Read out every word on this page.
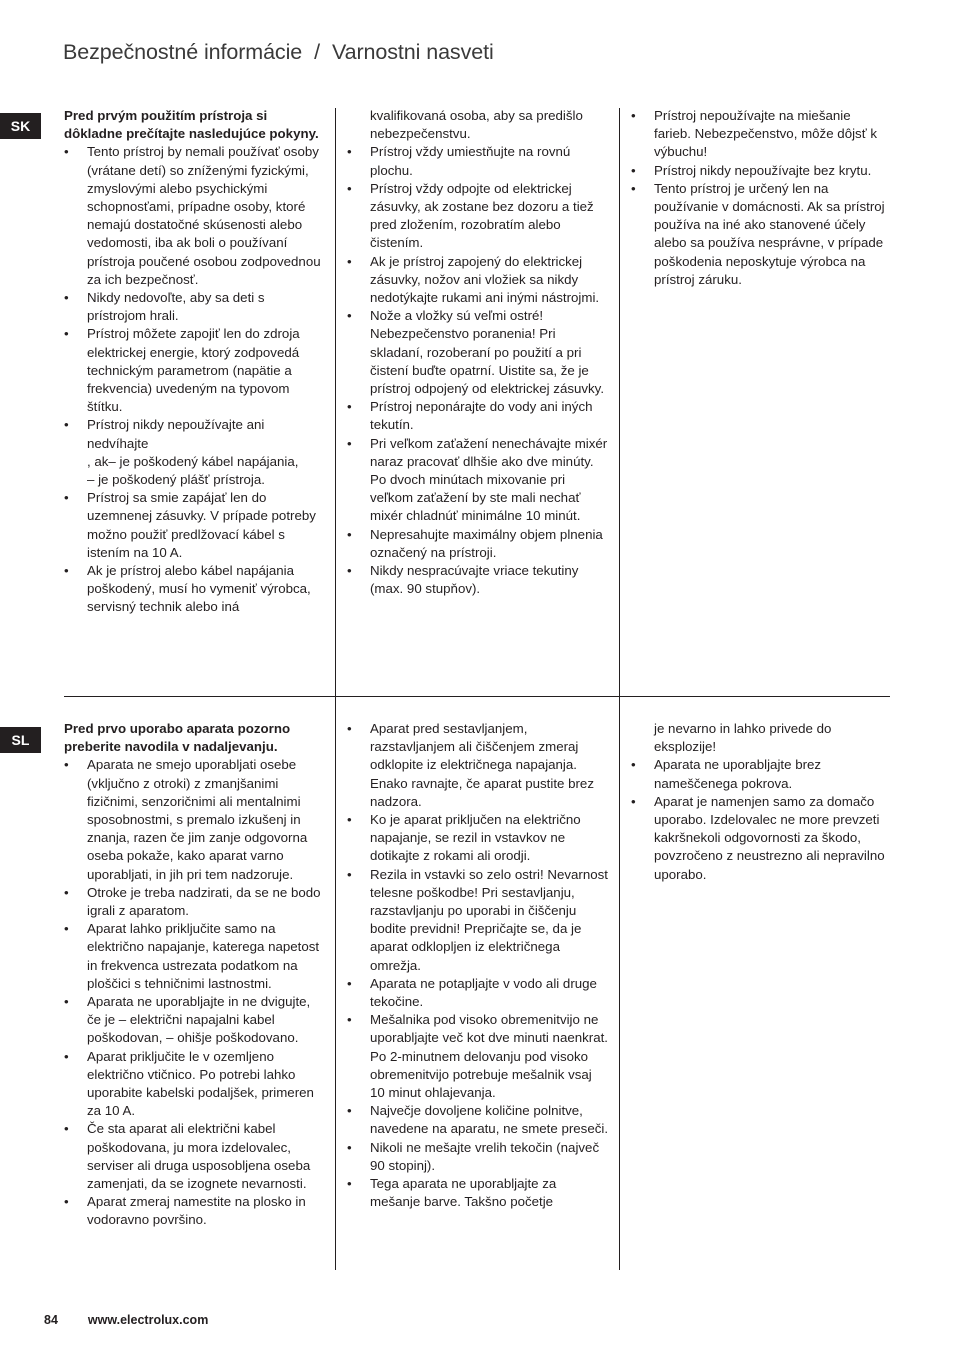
Bezpečnostné informácie / Varnostni nasveti
SK
SL

Pred prvým použitím prístroja si dôkladne prečítajte nasledujúce pokyny.

• Tento prístroj by nemali používať osoby (vrátane detí) so zníženými fyzickými, zmyslovými alebo psychickými schopnosťami, prípadne osoby, ktoré nemajú dostatočné skúsenosti alebo vedomosti, iba ak boli o používaní prístroja poučené osobou zodpovednou za ich bezpečnosť.
• Nikdy nedovoľte, aby sa deti s prístrojom hrali.
• Prístroj môžete zapojiť len do zdroja elektrickej energie, ktorý zodpovedá technickým parametrom (napätie a frekvencia) uvedeným na typovom štítku.
• Prístroj nikdy nepoužívajte ani nedvíhajte
, ak– je poškodený kábel napájania,
– je poškodený plášť prístroja.
• Prístroj sa smie zapájať len do uzemnenej zásuvky. V prípade potreby možno použiť predlžovací kábel s istením na 10 A.
• Ak je prístroj alebo kábel napájania poškodený, musí ho vymeniť výrobca, servisný technik alebo iná
kvalifikovaná osoba, aby sa predišlo nebezpečenstvu.
• Prístroj vždy umiestňujte na rovnú plochu.
• Prístroj vždy odpojte od elektrickej zásuvky, ak zostane bez dozoru a tiež pred zložením, rozobratím alebo čistením.
• Ak je prístroj zapojený do elektrickej zásuvky, nožov ani vložiek sa nikdy nedotýkajte rukami ani inými nástrojmi.
• Nože a vložky sú veľmi ostré! Nebezpečenstvo poranenia! Pri skladaní, rozoberaní po použití a pri čistení buďte opatrní. Uistite sa, že je prístroj odpojený od elektrickej zásuvky.
• Prístroj neponárajte do vody ani iných tekutín.
• Pri veľkom zaťažení nenechávajte mixér naraz pracovať dlhšie ako dve minúty. Po dvoch minútach mixovanie pri veľkom zaťažení by ste mali nechať mixér chladnúť minimálne 10 minút.
• Nepresahujte maximálny objem plnenia označený na prístroji.
• Nikdy nespracúvajte vriace tekutiny (max. 90 stupňov).
• Prístroj nepoužívajte na miešanie farieb. Nebezpečenstvo, môže dôjsť k výbuchu!
• Prístroj nikdy nepoužívajte bez krytu.
• Tento prístroj je určený len na používanie v domácnosti. Ak sa prístroj používa na iné ako stanovené účely alebo sa používa nesprávne, v prípade poškodenia neposkytuje výrobca na prístroj záruku.

Pred prvo uporabo aparata pozorno preberite navodila v nadaljevanju.

• Aparata ne smejo uporabljati osebe (vključno z otroki) z zmanjšanimi fizičnimi, senzoričnimi ali mentalnimi sposobnostmi, s premalo izkušenj in znanja, razen če jim zanje odgovorna oseba pokaže, kako aparat varno uporabljati, in jih pri tem nadzoruje.
• Otroke je treba nadzirati, da se ne bodo igrali z aparatom.
• Aparat lahko priključite samo na električno napajanje, katerega napetost in frekvenca ustrezata podatkom na ploščici s tehničnimi lastnostmi.
• Aparata ne uporabljajte in ne dvigujte, če je – električni napajalni kabel poškodovan, – ohišje poškodovano.
• Aparat priključite le v ozemljeno električno vtičnico. Po potrebi lahko uporabite kabelski podaljšek, primeren za 10 A.
• Če sta aparat ali električni kabel poškodovana, ju mora izdelovalec, serviser ali druga usposobljena oseba zamenjati, da se izognete nevarnosti.
• Aparat zmeraj namestite na plosko in vodoravno površino.
• Aparat pred sestavljanjem, razstavljanjem ali čiščenjem zmeraj odklopite iz električnega napajanja. Enako ravnajte, če aparat pustite brez nadzora.
• Ko je aparat priključen na električno napajanje, se rezil in vstavkov ne dotikajte z rokami ali orodji.
• Rezila in vstavki so zelo ostri! Nevarnost telesne poškodbe! Pri sestavljanju, razstavljanju po uporabi in čiščenju bodite previdni! Prepričajte se, da je aparat odklopljen iz električnega omrežja.
• Aparata ne potapljajte v vodo ali druge tekočine.
• Mešalnika pod visoko obremenitvijo ne uporabljajte več kot dve minuti naenkrat. Po 2-minutnem delovanju pod visoko obremenitvijo potrebuje mešalnik vsaj 10 minut ohlajevanja.
• Največje dovoljene količine polnitve, navedene na aparatu, ne smete preseči.
• Nikoli ne mešajte vrelih tekočin (največ 90 stopinj).
• Tega aparata ne uporabljajte za mešanje barve. Takšno početje
je nevarno in lahko privede do eksplozije!
• Aparata ne uporabljajte brez nameščenega pokrova.
• Aparat je namenjen samo za domačo uporabo. Izdelovalec ne more prevzeti kakršnekoli odgovornosti za škodo, povzročeno z neustrezno ali nepravilno uporabo.
84 www.electrolux.com
